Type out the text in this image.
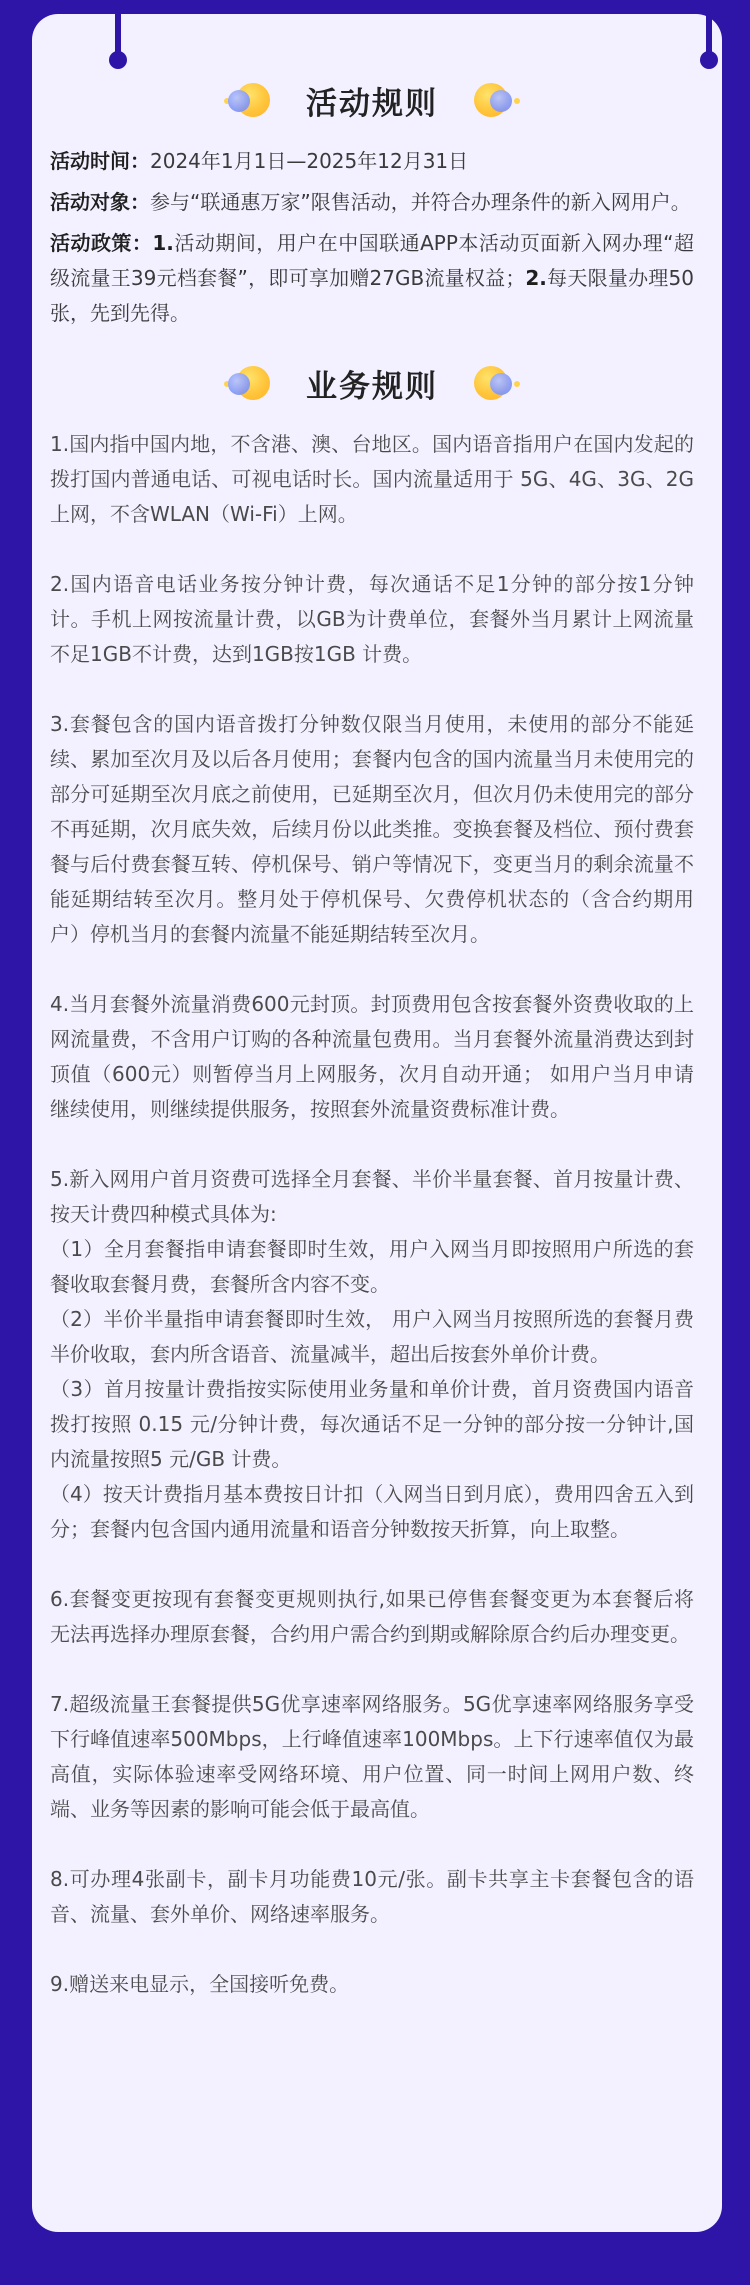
活动规则
活动时间：2024年1月1日—2025年12月31日
活动对象：参与“联通惠万家”限售活动，并符合办理条件的新入网用户。
活动政策：1.活动期间，用户在中国联通APP本活动页面新入网办理“超级流量王39元档套餐”，即可享加赠27GB流量权益；2.每天限量办理50张，先到先得。
业务规则

1.国内指中国内地，不含港、澳、台地区。国内语音指用户在国内发起的拨打国内普通电话、可视电话时长。国内流量适用于 5G、4G、3G、2G 上网，不含WLAN（Wi-Fi）上网。

2.国内语音电话业务按分钟计费，每次通话不足1分钟的部分按1分钟计。手机上网按流量计费，以GB为计费单位，套餐外当月累计上网流量不足1GB不计费，达到1GB按1GB 计费。

3.套餐包含的国内语音拨打分钟数仅限当月使用，未使用的部分不能延续、累加至次月及以后各月使用；套餐内包含的国内流量当月未使用完的部分可延期至次月底之前使用，已延期至次月，但次月仍未使用完的部分不再延期，次月底失效，后续月份以此类推。变换套餐及档位、预付费套餐与后付费套餐互转、停机保号、销户等情况下，变更当月的剩余流量不能延期结转至次月。整月处于停机保号、欠费停机状态的（含合约期用户）停机当月的套餐内流量不能延期结转至次月。

4.当月套餐外流量消费600元封顶。封顶费用包含按套餐外资费收取的上网流量费，不含用户订购的各种流量包费用。当月套餐外流量消费达到封顶值（600元）则暂停当月上网服务，次月自动开通； 如用户当月申请继续使用，则继续提供服务，按照套外流量资费标准计费。

5.新入网用户首月资费可选择全月套餐、半价半量套餐、首月按量计费、按天计费四种模式具体为:

（1）全月套餐指申请套餐即时生效，用户入网当月即按照用户所选的套餐收取套餐月费，套餐所含内容不变。

（2）半价半量指申请套餐即时生效， 用户入网当月按照所选的套餐月费半价收取，套内所含语音、流量减半，超出后按套外单价计费。

（3）首月按量计费指按实际使用业务量和单价计费，首月资费国内语音拨打按照 0.15 元/分钟计费，每次通话不足一分钟的部分按一分钟计,国内流量按照5 元/GB 计费。

（4）按天计费指月基本费按日计扣（入网当日到月底），费用四舍五入到分；套餐内包含国内通用流量和语音分钟数按天折算，向上取整。

6.套餐变更按现有套餐变更规则执行,如果已停售套餐变更为本套餐后将无法再选择办理原套餐，合约用户需合约到期或解除原合约后办理变更。

7.超级流量王套餐提供5G优享速率网络服务。5G优享速率网络服务享受下行峰值速率500Mbps，上行峰值速率100Mbps。上下行速率值仅为最高值，实际体验速率受网络环境、用户位置、同一时间上网用户数、终端、业务等因素的影响可能会低于最高值。

8.可办理4张副卡，副卡月功能费10元/张。副卡共享主卡套餐包含的语音、流量、套外单价、网络速率服务。

9.赠送来电显示，全国接听免费。
